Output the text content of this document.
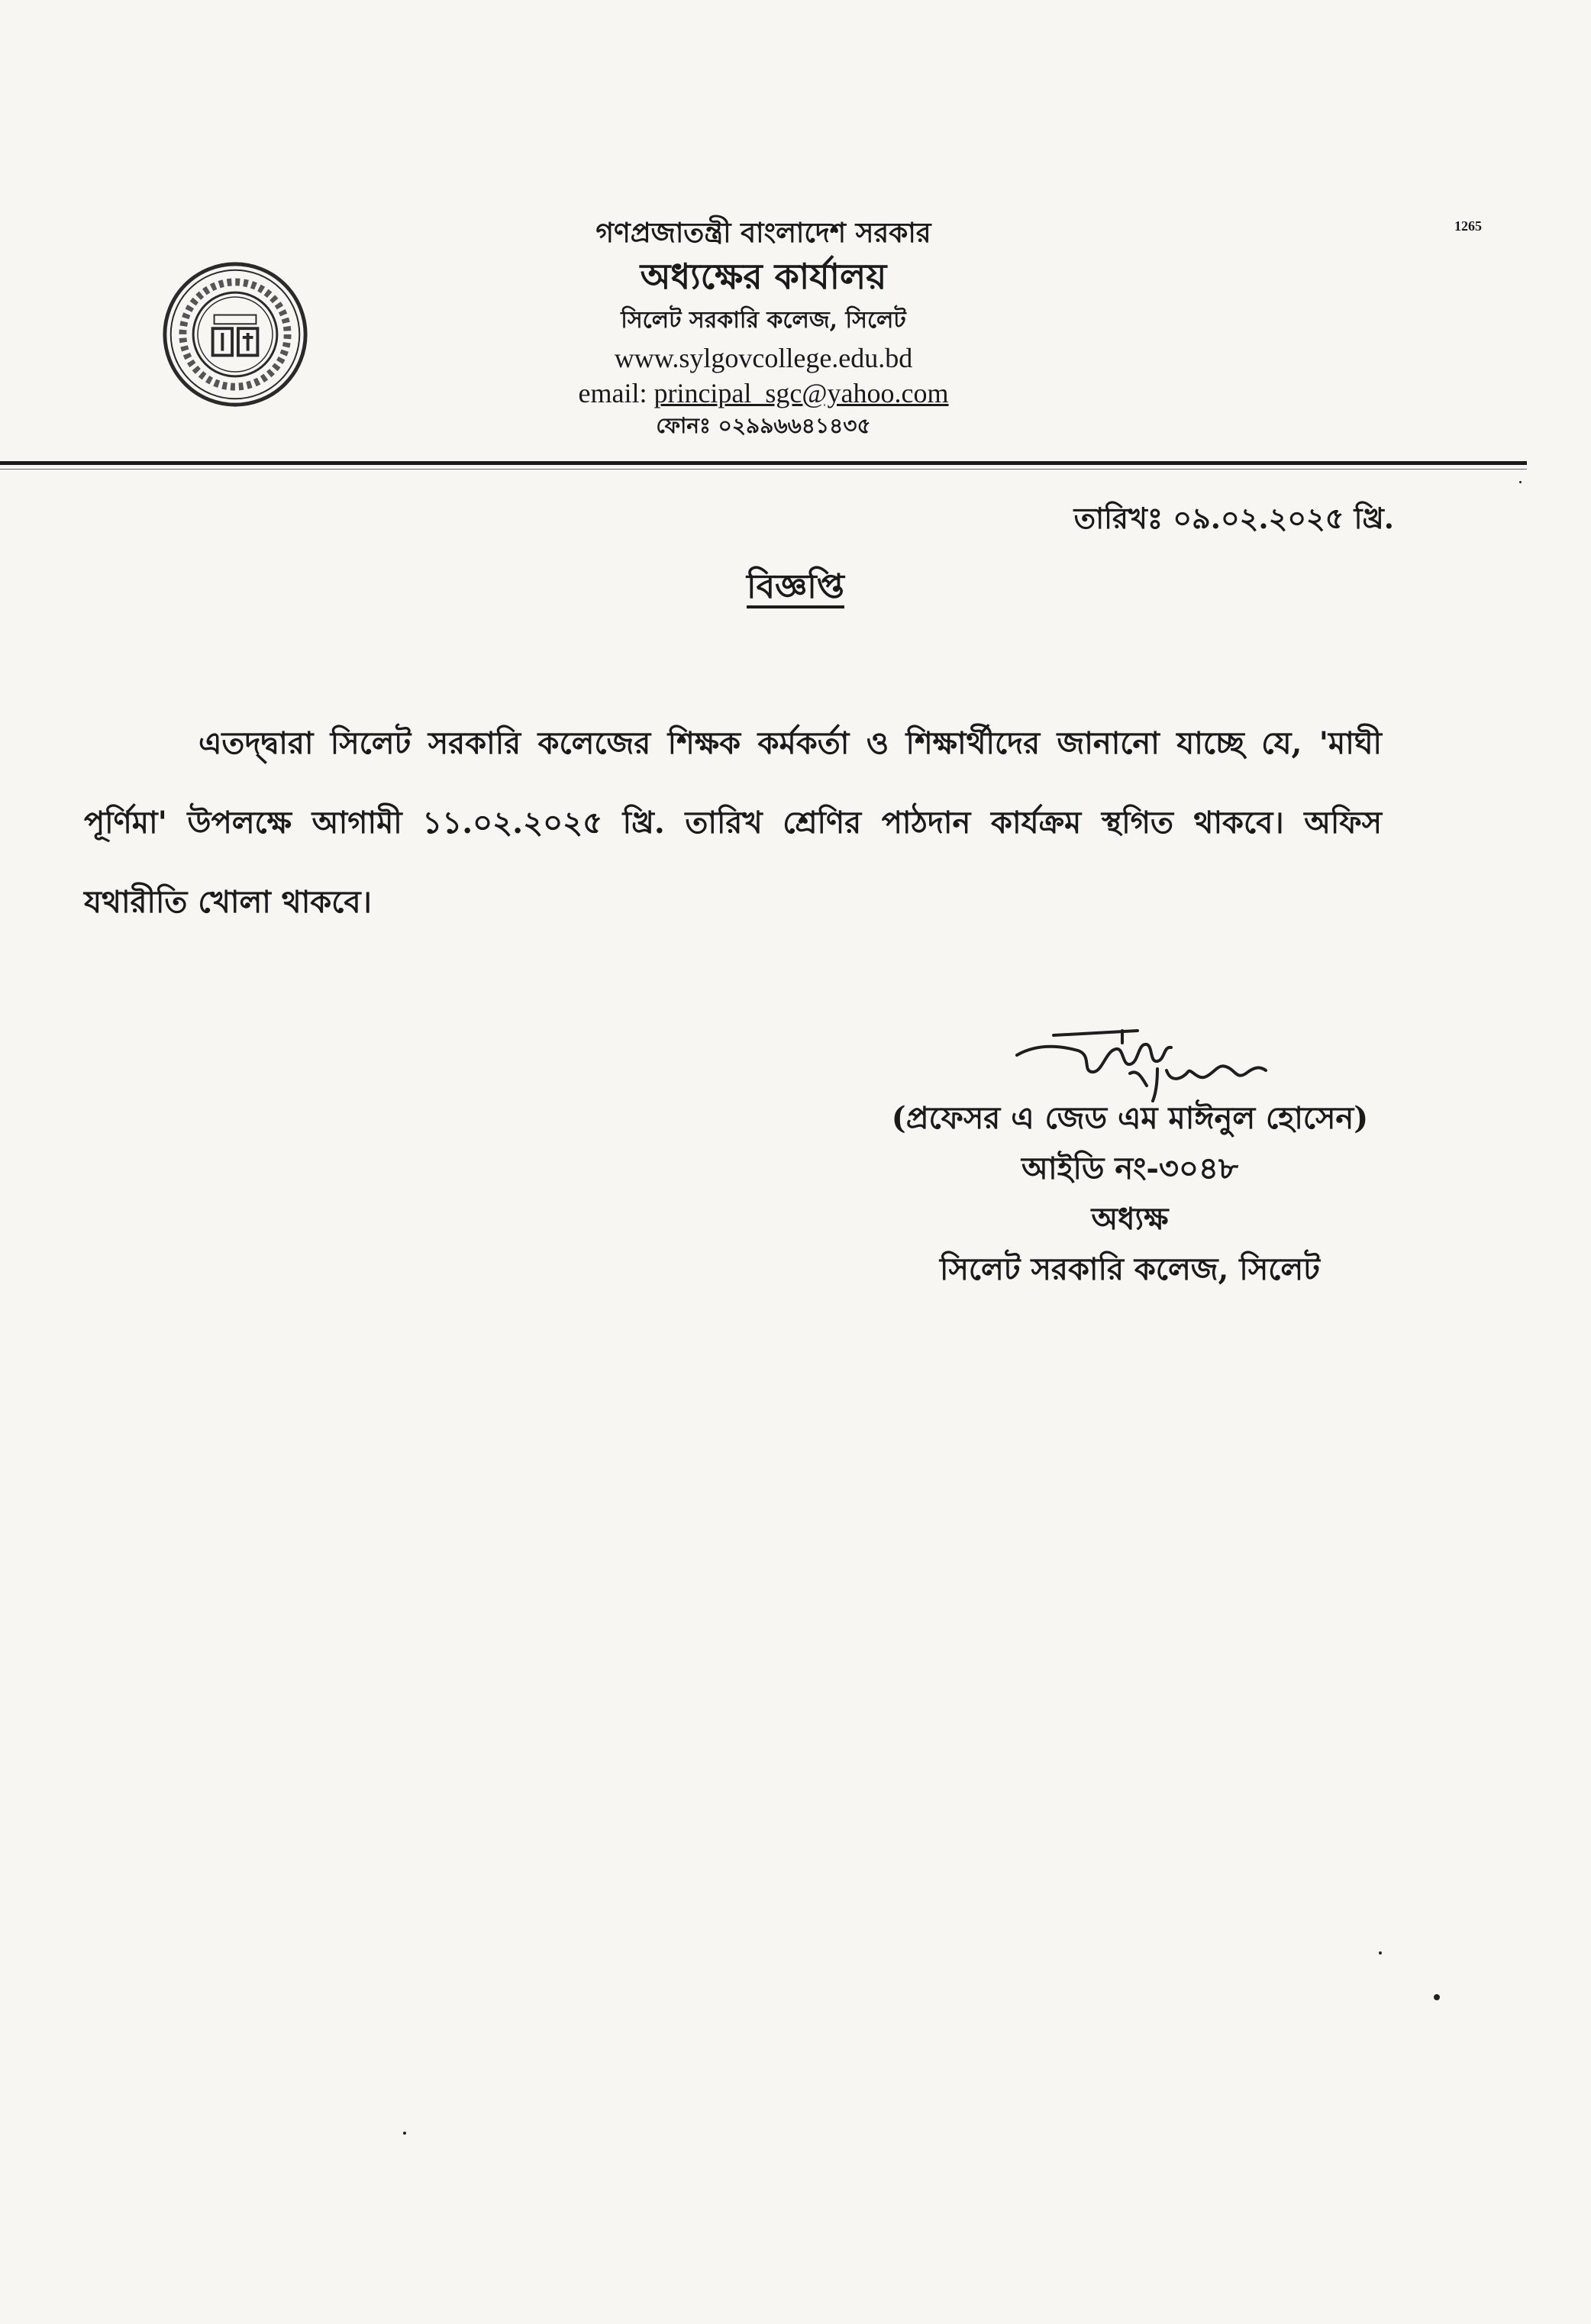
1265

গণপ্রজাতন্ত্রী বাংলাদেশ সরকার

অধ্যক্ষের কার্যালয়

সিলেট সরকারি কলেজ, সিলেট

www.sylgovcollege.edu.bd

email: principal_sgc@yahoo.com

ফোনঃ ০২৯৯৬৬৪১৪৩৫

তারিখঃ ০৯.০২.২০২৫ খ্রি.
বিজ্ঞপ্তি

এতদ্‌দ্বারা সিলেট সরকারি কলেজের শিক্ষক কর্মকর্তা ও শিক্ষার্থীদের জানানো যাচ্ছে যে, 'মাঘী পূর্ণিমা' উপলক্ষে আগামী ১১.০২.২০২৫ খ্রি. তারিখ শ্রেণির পাঠদান কার্যক্রম স্থগিত থাকবে। অফিস যথারীতি খোলা থাকবে।

(প্রফেসর এ জেড এম মাঈনুল হোসেন)

আইডি নং-৩০৪৮

অধ্যক্ষ

সিলেট সরকারি কলেজ, সিলেট
